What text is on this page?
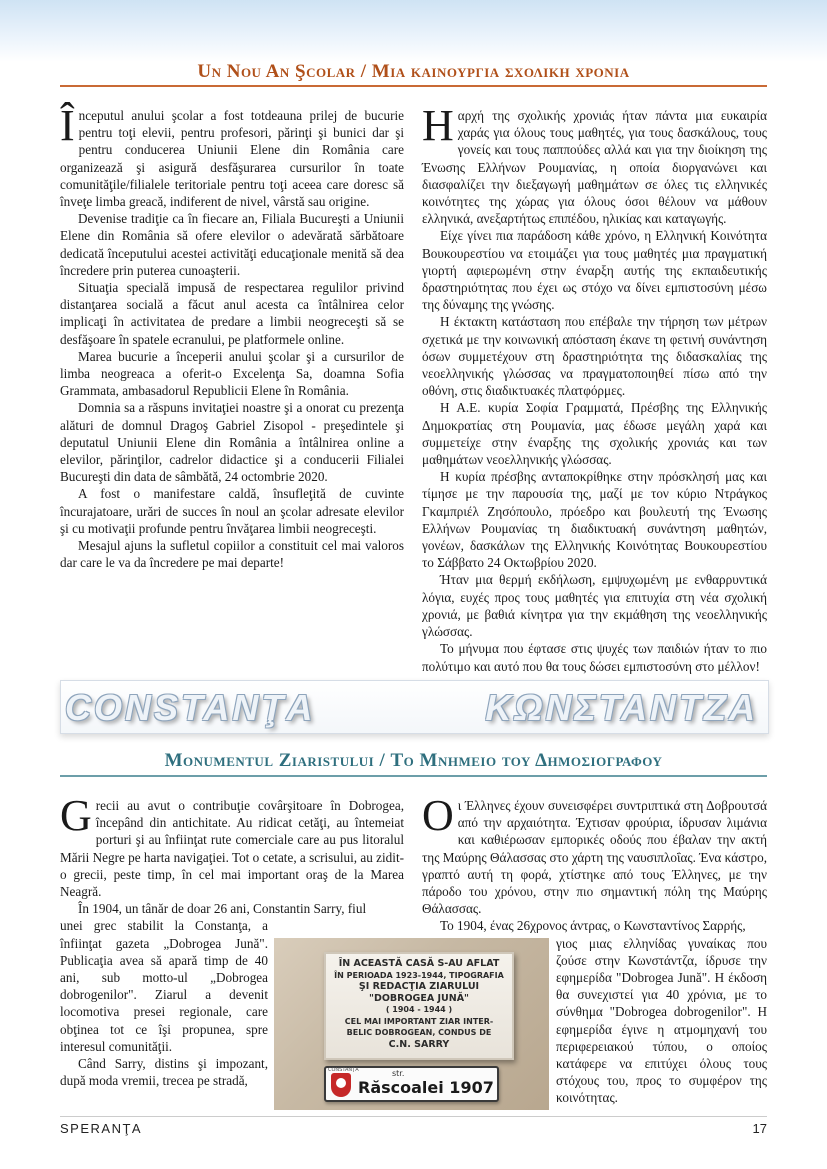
Un Nou An Şcolar / Μια καινουργια σχολικη χρονια

Începutul anului şcolar a fost totdeauna prilej de bucurie pentru toţi elevii, pentru profesori, părinţi şi bunici dar şi pentru conducerea Uniunii Elene din România care organizează şi asigură desfăşurarea cursurilor în toate comunităţile/filialele teritoriale pentru toţi aceea care doresc să înveţe limba greacă, indiferent de nivel, vârstă sau origine.

Devenise tradiţie ca în fiecare an, Filiala Bucureşti a Uniunii Elene din România să ofere elevilor o adevărată sărbătoare dedicată începutului acestei activităţi educaţionale menită să dea încredere prin puterea cunoaşterii.

Situaţia specială impusă de respectarea regulilor privind distanţarea socială a făcut anul acesta ca întâlnirea celor implicaţi în activitatea de predare a limbii neogreceşti să se desfăşoare în spatele ecranului, pe platformele online.

Marea bucurie a începerii anului şcolar şi a cursurilor de limba neogreaca a oferit-o Excelenţa Sa, doamna Sofia Grammata, ambasadorul Republicii Elene în România.

Domnia sa a răspuns invitaţiei noastre şi a onorat cu prezenţa alături de domnul Dragoş Gabriel Zisopol - preşedintele şi deputatul Uniunii Elene din România a întâlnirea online a elevilor, părinţilor, cadrelor didactice şi a conducerii Filialei Bucureşti din data de sâmbătă, 24 octombrie 2020.

A fost o manifestare caldă, însufleţită de cuvinte încurajatoare, urări de succes în noul an şcolar adresate elevilor şi cu motivaţii profunde pentru învăţarea limbii neogreceşti.

Mesajul ajuns la sufletul copiilor a constituit cel mai valoros dar care le va da încredere pe mai departe!

Η αρχή της σχολικής χρονιάς ήταν πάντα μια ευκαιρία χαράς για όλους τους μαθητές, για τους δασκάλους, τους γονείς και τους παππούδες αλλά και για την διοίκηση της Ένωσης Ελλήνων Ρουμανίας, η οποία διοργανώνει και διασφαλίζει την διεξαγωγή μαθημάτων σε όλες τις ελληνικές κοινότητες της χώρας για όλους όσοι θέλουν να μάθουν ελληνικά, ανεξαρτήτως επιπέδου, ηλικίας και καταγωγής.

Είχε γίνει πια παράδοση κάθε χρόνο, η Ελληνική Κοινότητα Βουκουρεστίου να ετοιμάζει για τους μαθητές μια πραγματική γιορτή αφιερωμένη στην έναρξη αυτής της εκπαιδευτικής δραστηριότητας που έχει ως στόχο να δίνει εμπιστοσύνη μέσω της δύναμης της γνώσης.

Η έκτακτη κατάσταση που επέβαλε την τήρηση των μέτρων σχετικά με την κοινωνική απόσταση έκανε τη φετινή συνάντηση όσων συμμετέχουν στη δραστηριότητα της διδασκαλίας της νεοελληνικής γλώσσας να πραγματοποιηθεί πίσω από την οθόνη, στις διαδικτυακές πλατφόρμες.

Η Α.Ε. κυρία Σοφία Γραμματά, Πρέσβης της Ελληνικής Δημοκρατίας στη Ρουμανία, μας έδωσε μεγάλη χαρά και συμμετείχε στην έναρξης της σχολικής χρονιάς και των μαθημάτων νεοελληνικής γλώσσας.

Η κυρία πρέσβης ανταποκρίθηκε στην πρόσκλησή μας και τίμησε με την παρουσία της, μαζί με τον κύριο Ντράγκος Γκαμπριέλ Ζησόπουλο, πρόεδρο και βουλευτή της Ένωσης Ελλήνων Ρουμανίας τη διαδικτυακή συνάντηση μαθητών, γονέων, δασκάλων της Ελληνικής Κοινότητας Βουκουρεστίου το Σάββατο 24 Οκτωβρίου 2020.

Ήταν μια θερμή εκδήλωση, εμψυχωμένη με ενθαρρυντικά λόγια, ευχές προς τους μαθητές για επιτυχία στη νέα σχολική χρονιά, με βαθιά κίνητρα για την εκμάθηση της νεοελληνικής γλώσσας.

Το μήνυμα που έφτασε στις ψυχές των παιδιών ήταν το πιο πολύτιμο και αυτό που θα τους δώσει εμπιστοσύνη στο μέλλον!

CONSTANŢA	ΚΩΝΣΤΑΝΤΖΑ
Monumentul Ziaristului / Το Μνημειο του Δημοσιογραφου

Grecii au avut o contribuţie covârşitoare în Dobrogea, începând din antichitate. Au ridicat cetăţi, au întemeiat porturi şi au înfiinţat rute comerciale care au pus litoralul Mării Negre pe harta navigaţiei. Tot o cetate, a scrisului, au zidit-o grecii, peste timp, în cel mai important oraş de la Marea Neagră.

În 1904, un tânăr de doar 26 ani, Constantin Sarry, fiul

unei grec stabilit la Constanţa, a înfiinţat gazeta „Dobrogea Jună". Publicaţia avea să apară timp de 40 ani, sub motto-ul „Dobrogea dobrogenilor". Ziarul a devenit locomotiva presei regionale, care obţinea tot ce îşi propunea, spre interesul comunităţii.

Când Sarry, distins şi impozant, după moda vremii, trecea pe stradă,

Οι Έλληνες έχουν συνεισφέρει συντριπτικά στη Δοβρουτσά από την αρχαιότητα. Έχτισαν φρούρια, ίδρυσαν λιμάνια και καθιέρωσαν εμπορικές οδούς που έβαλαν την ακτή της Μαύρης Θάλασσας στο χάρτη της ναυσιπλοΐας. Ένα κάστρο, γραπτό αυτή τη φορά, χτίστηκε από τους Έλληνες, με την πάροδο του χρόνου, στην πιο σημαντική πόλη της Μαύρης Θάλασσας.

Το 1904, ένας 26χρονος άντρας, ο Κωνσταντίνος Σαρρής,

γιος μιας ελληνίδας γυναίκας που ζούσε στην Κωνστάντζα, ίδρυσε την εφημερίδα "Dobrogea Jună". Η έκδοση θα συνεχιστεί για 40 χρόνια, με το σύνθημα "Dobrogea dobrogenilor". Η εφημερίδα έγινε η ατμομηχανή του περιφερειακού τύπου, ο οποίος κατάφερε να επιτύχει όλους τους στόχους του, προς το συμφέρον της κοινότητας.

ÎN ACEASTĂ CASĂ S-AU AFLAT
ÎN PERIOADA 1923-1944, TIPOGRAFIA
ŞI REDACŢIA ZIARULUI
"DOBROGEA JUNĂ"
( 1904 - 1944 )
CEL MAI IMPORTANT ZIAR INTER-
BELIC DOBROGEAN, CONDUS DE
C.N. SARRY
CONSTANŢA	str.
Răscoalei 1907
SPERANŢA	17
